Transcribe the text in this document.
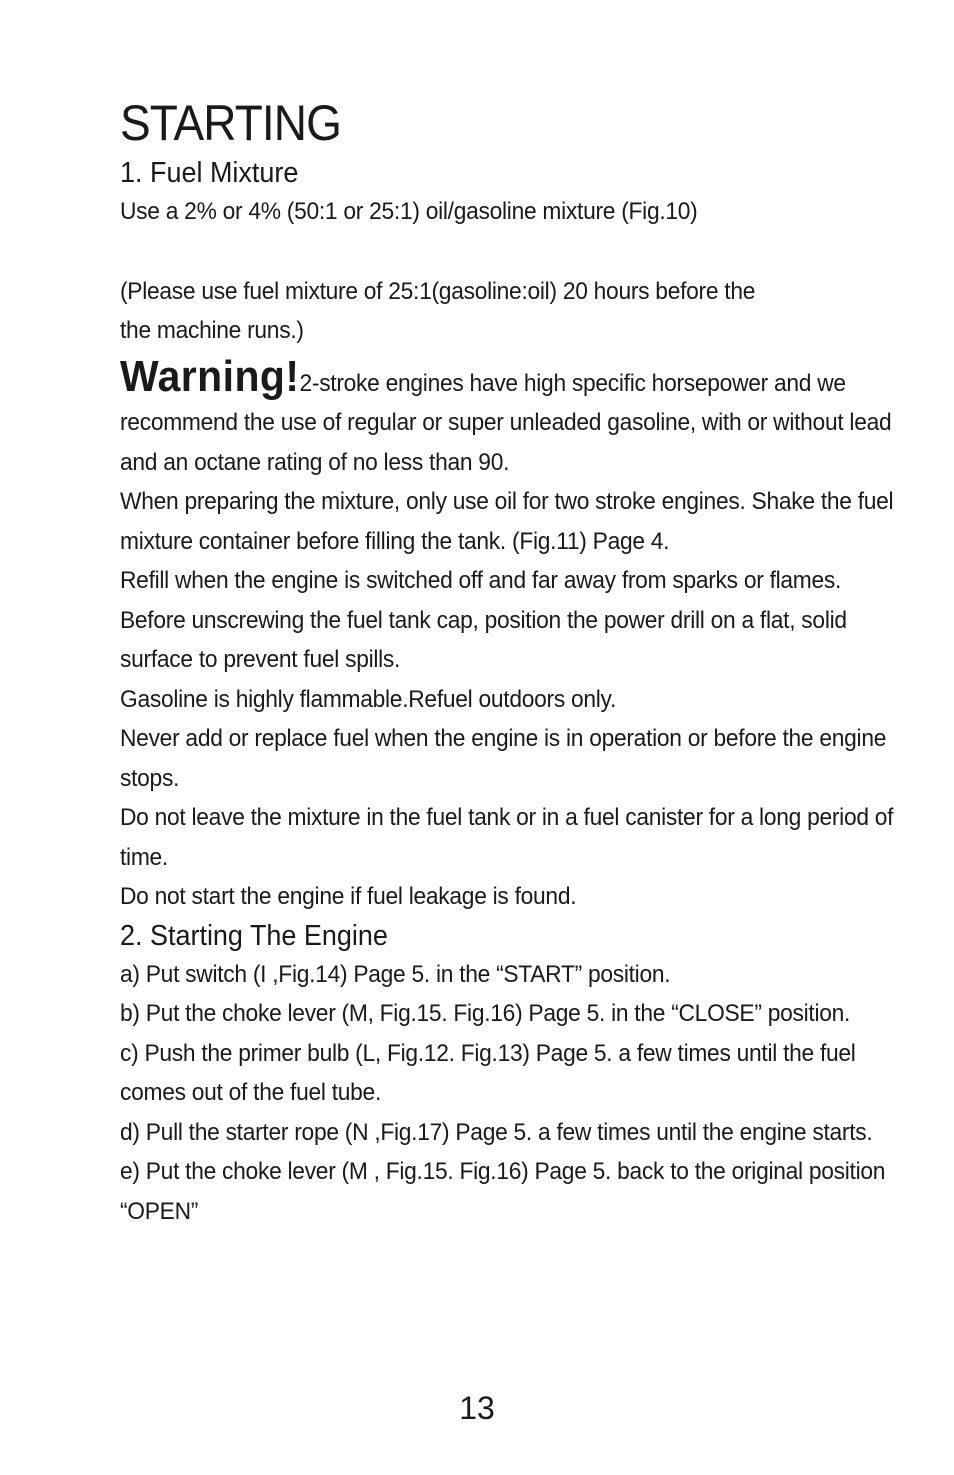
STARTING
1. Fuel Mixture

Use a 2% or 4% (50:1 or 25:1) oil/gasoline mixture (Fig.10)

(Please use fuel mixture of 25:1(gasoline:oil) 20 hours before the

the machine runs.)

Warning!2-stroke engines have high specific horsepower and we recommend the use of regular or super unleaded gasoline, with or without lead and an octane rating of no less than 90.

When preparing the mixture, only use oil for two stroke engines. Shake the fuel mixture container before filling the tank. (Fig.11) Page 4.

Refill when the engine is switched off and far away from sparks or flames.

Before unscrewing the fuel tank cap, position the power drill on a flat, solid surface to prevent fuel spills.

Gasoline is highly flammable.Refuel outdoors only.

Never add or replace fuel when the engine is in operation or before the engine stops.

Do not leave the mixture in the fuel tank or in a fuel canister for a long period of time.

Do not start the engine if fuel leakage is found.

2. Starting The Engine

a) Put switch (I ,Fig.14) Page 5. in the “START” position.

b) Put the choke lever (M, Fig.15. Fig.16) Page 5. in the “CLOSE” position.

c) Push the primer bulb (L, Fig.12. Fig.13) Page 5. a few times until the fuel comes out of the fuel tube.

d) Pull the starter rope (N ,Fig.17) Page 5. a few times until the engine starts.

e) Put the choke lever (M , Fig.15. Fig.16) Page 5. back to the original position “OPEN”

13
